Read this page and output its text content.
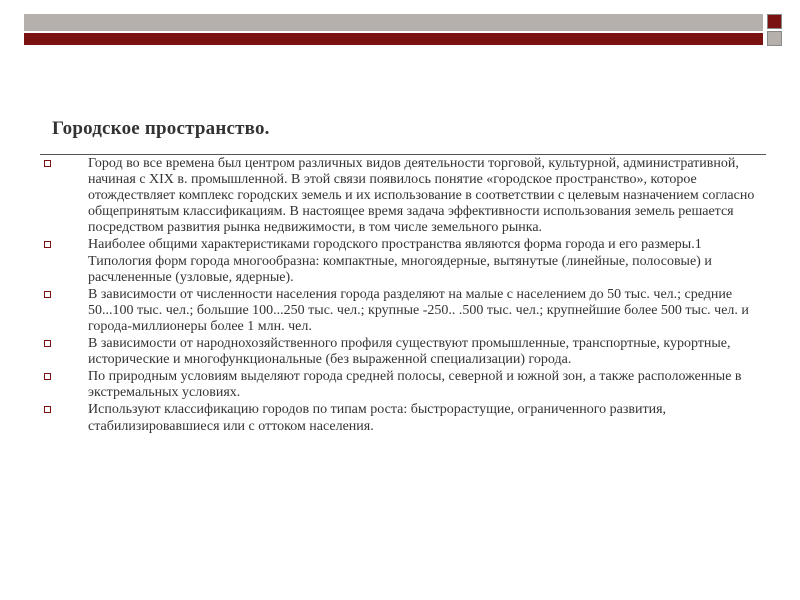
Городское пространство.
Город во все времена был центром различных видов деятельности торговой, культурной, административной, начиная с XIX в. промышленной. В этой связи появилось понятие «городское пространство», которое отождествляет комплекс городских земель и их использование в соответствии с целевым назначением согласно общепринятым классификациям. В настоящее время задача эффективности использования земель решается посредством развития рынка недвижимости, в том числе земельного рынка.
Наиболее общими характеристиками городского пространства являются форма города и его размеры.1 Типология форм города многообразна: компактные, многоядерные, вытянутые (линейные, полосовые) и расчлененные (узловые, ядерные).
В зависимости от численности населения города разделяют на малые с населением до 50 тыс. чел.; средние 50...100 тыс. чел.; большие 100...250 тыс. чел.; крупные -250.. .500 тыс. чел.; крупнейшие более 500 тыс. чел. и города-миллионеры более 1 млн. чел.
В зависимости от народнохозяйственного профиля существуют промышленные, транспортные, курортные, исторические и многофункциональные (без выраженной специализации) города.
По природным условиям выделяют города средней полосы, северной и южной зон, а также расположенные в экстремальных условиях.
Используют классификацию городов по типам роста: быстрорастущие, ограниченного развития, стабилизировавшиеся или с оттоком населения.
